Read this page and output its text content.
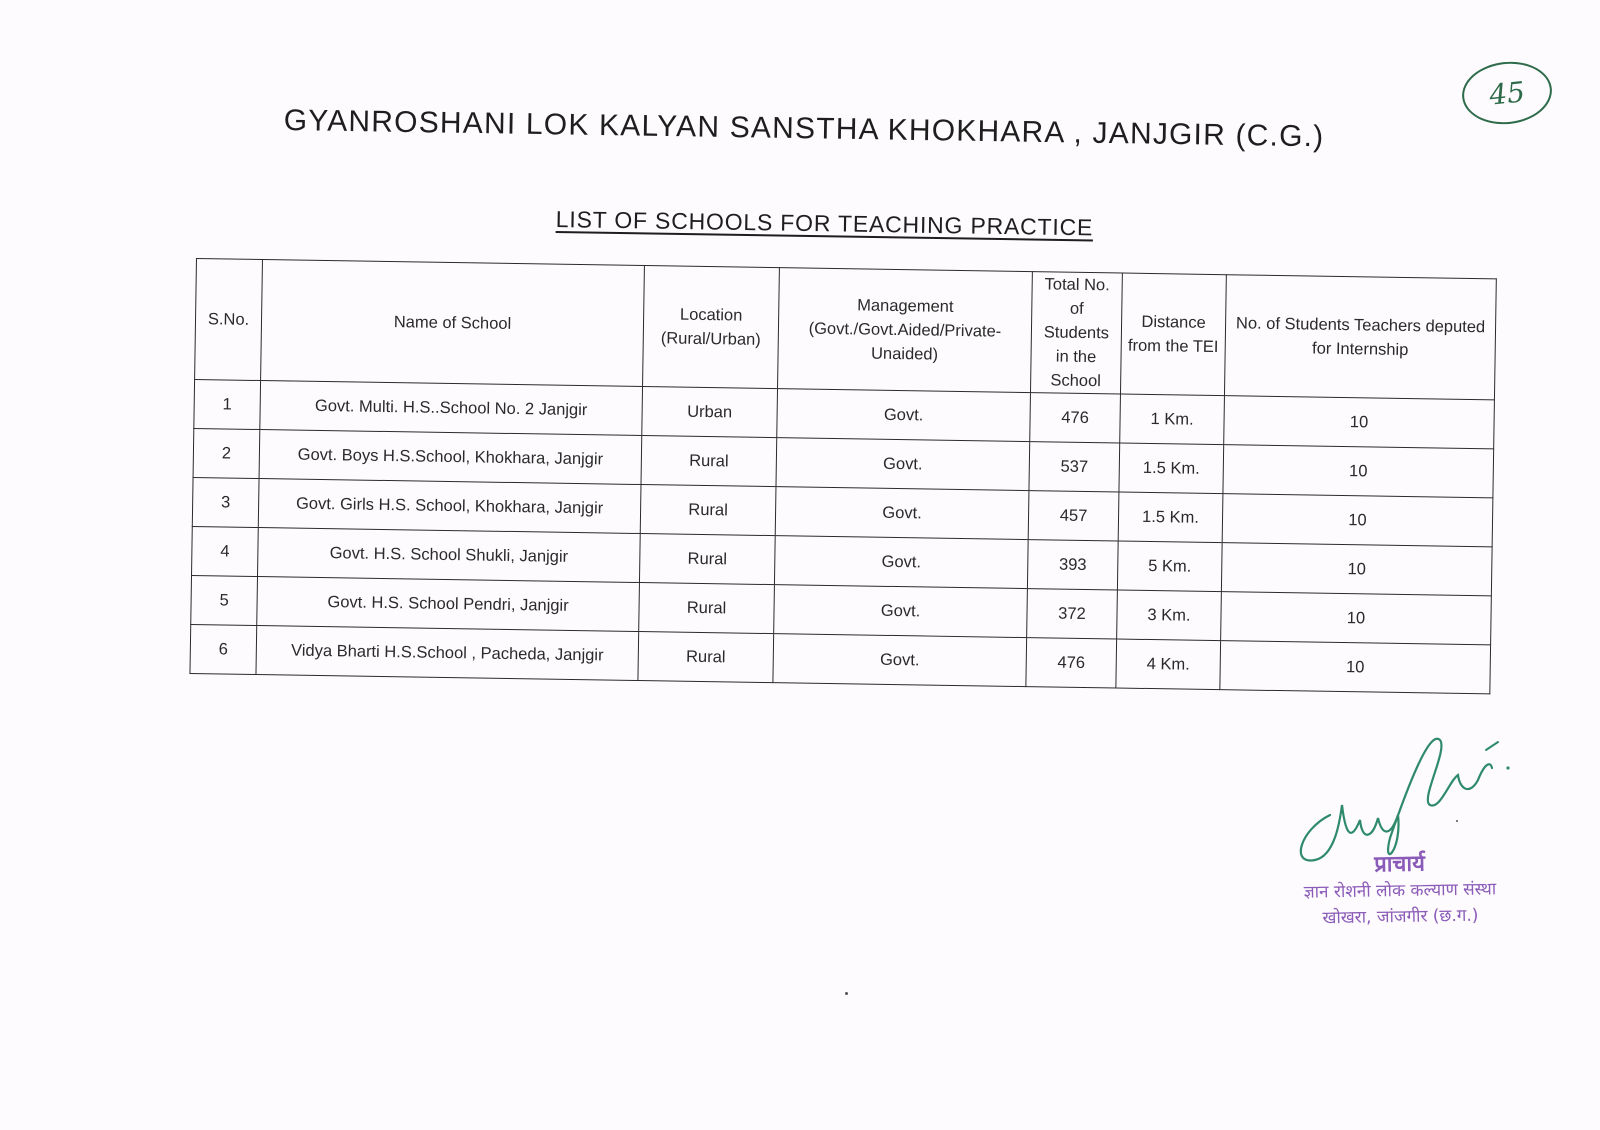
45
GYANROSHANI LOK KALYAN SANSTHA KHOKHARA , JANJGIR (C.G.)
LIST OF SCHOOLS FOR TEACHING PRACTICE
S.No.	Name of School	Location (Rural/Urban)	Management (Govt./Govt.Aided/Private-Unaided)	Total No. of Students in the School	Distance from the TEI	No. of Students Teachers deputed for Internship
1	Govt. Multi. H.S..School No. 2 Janjgir	Urban	Govt.	476	1 Km.	10
2	Govt. Boys H.S.School, Khokhara, Janjgir	Rural	Govt.	537	1.5 Km.	10
3	Govt. Girls H.S. School, Khokhara, Janjgir	Rural	Govt.	457	1.5 Km.	10
4	Govt. H.S. School Shukli, Janjgir	Rural	Govt.	393	5 Km.	10
5	Govt. H.S. School Pendri, Janjgir	Rural	Govt.	372	3 Km.	10
6	Vidya Bharti H.S.School , Pacheda, Janjgir	Rural	Govt.	476	4 Km.	10
प्राचार्य
ज्ञान रोशनी लोक कल्याण संस्था
खोखरा, जांजगीर (छ.ग.)
